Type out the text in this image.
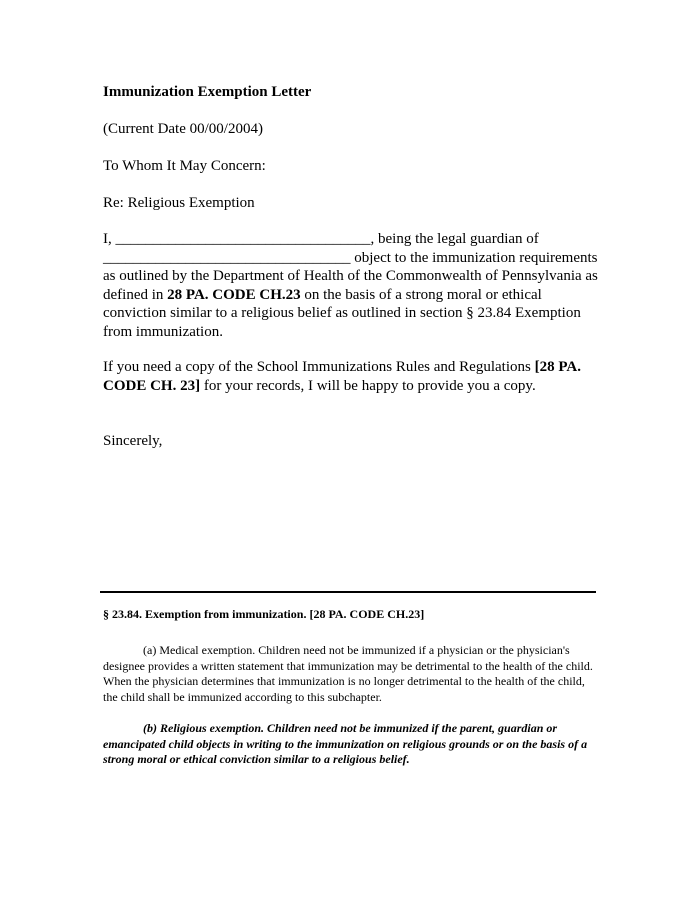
Immunization Exemption Letter
(Current Date 00/00/2004)
To Whom It May Concern:
Re: Religious Exemption
I, __________________________________, being the legal guardian of _________________________________ object to the immunization requirements as outlined by the Department of Health of the Commonwealth of Pennsylvania as defined in 28 PA. CODE CH.23 on the basis of a strong moral or ethical conviction similar to a religious belief as outlined in section § 23.84 Exemption from immunization.
If you need a copy of the School Immunizations Rules and Regulations [28 PA. CODE CH. 23] for your records, I will be happy to provide you a copy.
Sincerely,
§ 23.84. Exemption from immunization. [28 PA. CODE CH.23]
(a) Medical exemption. Children need not be immunized if a physician or the physician's designee provides a written statement that immunization may be detrimental to the health of the child. When the physician determines that immunization is no longer detrimental to the health of the child, the child shall be immunized according to this subchapter.
(b) Religious exemption. Children need not be immunized if the parent, guardian or emancipated child objects in writing to the immunization on religious grounds or on the basis of a strong moral or ethical conviction similar to a religious belief.
